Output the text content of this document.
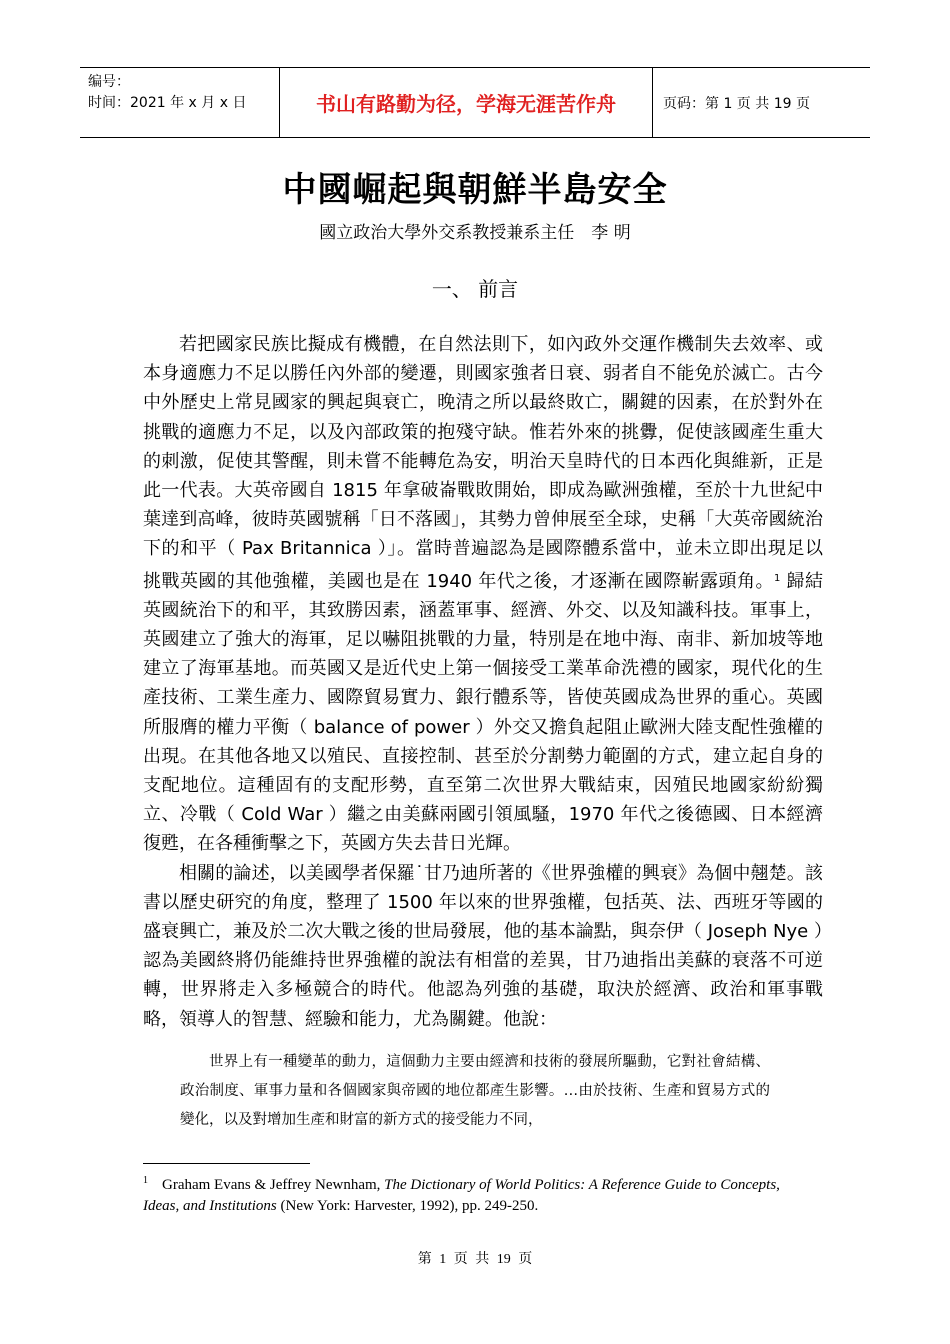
编号：
时间：2021 年 x 月 x 日	书山有路勤为径，学海无涯苦作舟	页码：第 1 页 共 19 页
中國崛起與朝鮮半島安全
國立政治大學外交系教授兼系主任　李 明
一、 前言

若把國家民族比擬成有機體，在自然法則下，如內政外交運作機制失去效率、或本身適應力不足以勝任內外部的變遷，則國家強者日衰、弱者自不能免於滅亡。古今中外歷史上常見國家的興起與衰亡，晚清之所以最終敗亡，關鍵的因素，在於對外在挑戰的適應力不足，以及內部政策的抱殘守缺。惟若外來的挑釁，促使該國產生重大的刺激，促使其警醒，則未嘗不能轉危為安，明治天皇時代的日本西化與維新，正是此一代表。大英帝國自 1815 年拿破崙戰敗開始，即成為歐洲強權，至於十九世紀中葉達到高峰，彼時英國號稱「日不落國」，其勢力曾伸展至全球，史稱「大英帝國統治下的和平（ Pax Britannica ）」。當時普遍認為是國際體系當中，並未立即出現足以挑戰英國的其他強權，美國也是在 1940 年代之後，才逐漸在國際嶄露頭角。$^1$ 歸結英國統治下的和平，其致勝因素，涵蓋軍事、經濟、外交、以及知識科技。軍事上，英國建立了強大的海軍，足以嚇阻挑戰的力量，特別是在地中海、南非、新加坡等地建立了海軍基地。而英國又是近代史上第一個接受工業革命洗禮的國家，現代化的生產技術、工業生產力、國際貿易實力、銀行體系等，皆使英國成為世界的重心。英國所服膺的權力平衡（ balance of power ）外交又擔負起阻止歐洲大陸支配性強權的出現。在其他各地又以殖民、直接控制、甚至於分割勢力範圍的方式，建立起自身的支配地位。這種固有的支配形勢，直至第二次世界大戰結束，因殖民地國家紛紛獨立、冷戰（ Cold War ）繼之由美蘇兩國引領風騷，1970 年代之後德國、日本經濟復甦，在各種衝擊之下，英國方失去昔日光輝。

相關的論述，以美國學者保羅˙甘乃迪所著的《世界強權的興衰》為個中翹楚。該書以歷史研究的角度，整理了 1500 年以來的世界強權，包括英、法、西班牙等國的盛衰興亡，兼及於二次大戰之後的世局發展，他的基本論點，與奈伊（ Joseph Nye ）認為美國終將仍能維持世界強權的說法有相當的差異，甘乃迪指出美蘇的衰落不可逆轉，世界將走入多極競合的時代。他認為列強的基礎，取決於經濟、政治和軍事戰略，領導人的智慧、經驗和能力，尤為關鍵。他說：

世界上有一種變革的動力，這個動力主要由經濟和技術的發展所驅動，它對社會結構、政治制度、軍事力量和各個國家與帝國的地位都產生影響。…由於技術、生產和貿易方式的變化，以及對增加生產和財富的新方式的接受能力不同，

$^1$ Graham Evans & Jeffrey Newnham, The Dictionary of World Politics: A Reference Guide to Concepts, Ideas, and Institutions (New York: Harvester, 1992), pp. 249-250.
第 1 页 共 19 页
